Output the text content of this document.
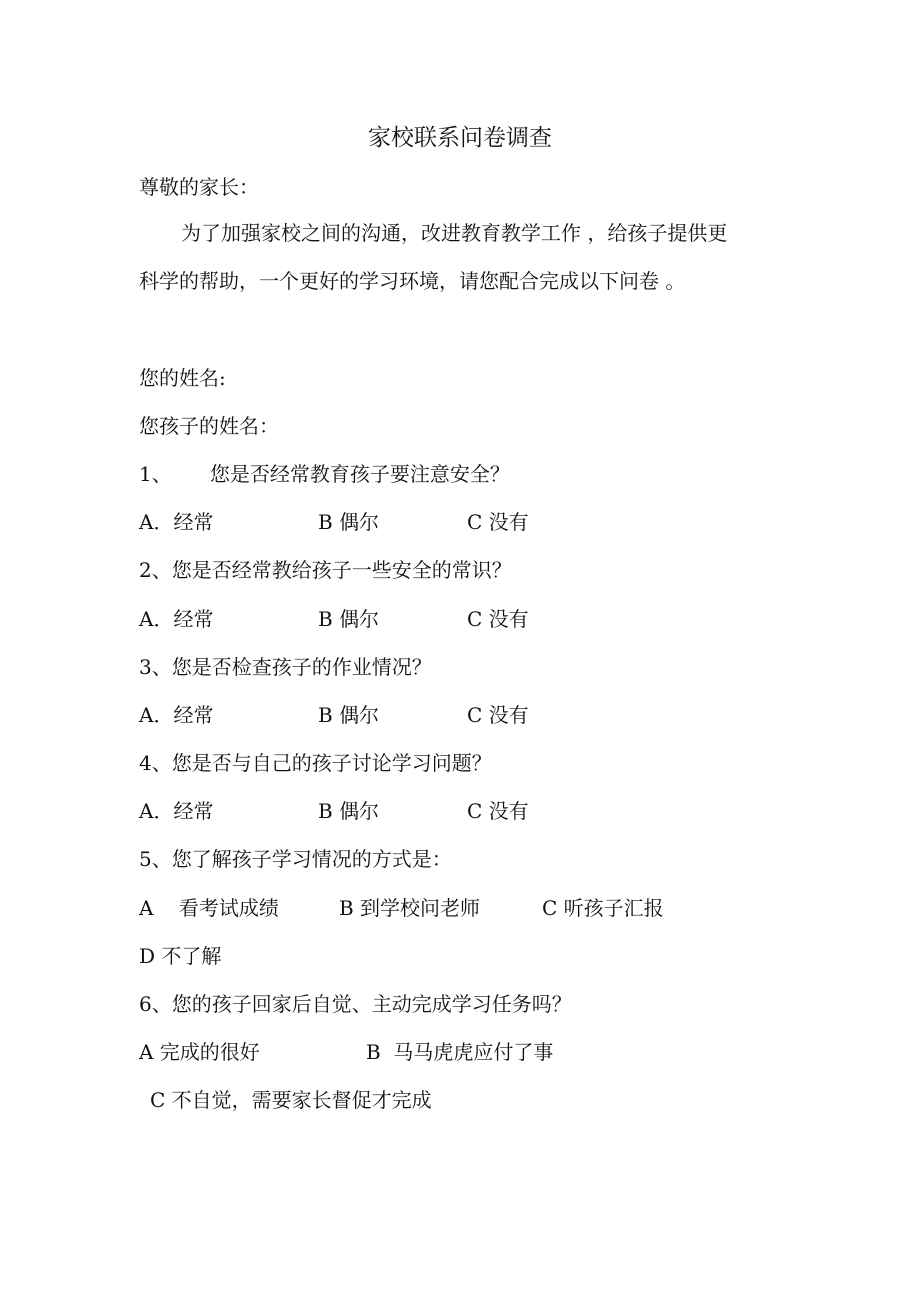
家校联系问卷调查
尊敬的家长：
为了加强家校之间的沟通，改进教育教学工作 ，给孩子提供更
科学的帮助，一个更好的学习环境，请您配合完成以下问卷 。
您的姓名:
您孩子的姓名：
1、      您是否经常教育孩子要注意安全？
A．经常	B 偶尔	C 没有
2、您是否经常教给孩子一些安全的常识？
A．经常	B 偶尔	C 没有
3、您是否检查孩子的作业情况？
A．经常	B 偶尔	C 没有
4、您是否与自己的孩子讨论学习问题？
A．经常	B 偶尔	C 没有
5、您了解孩子学习情况的方式是：
A    看考试成绩	B 到学校问老师	C 听孩子汇报
D 不了解
6、您的孩子回家后自觉、主动完成学习任务吗？
A 完成的很好	B  马马虎虎应付了事
C 不自觉，需要家长督促才完成
